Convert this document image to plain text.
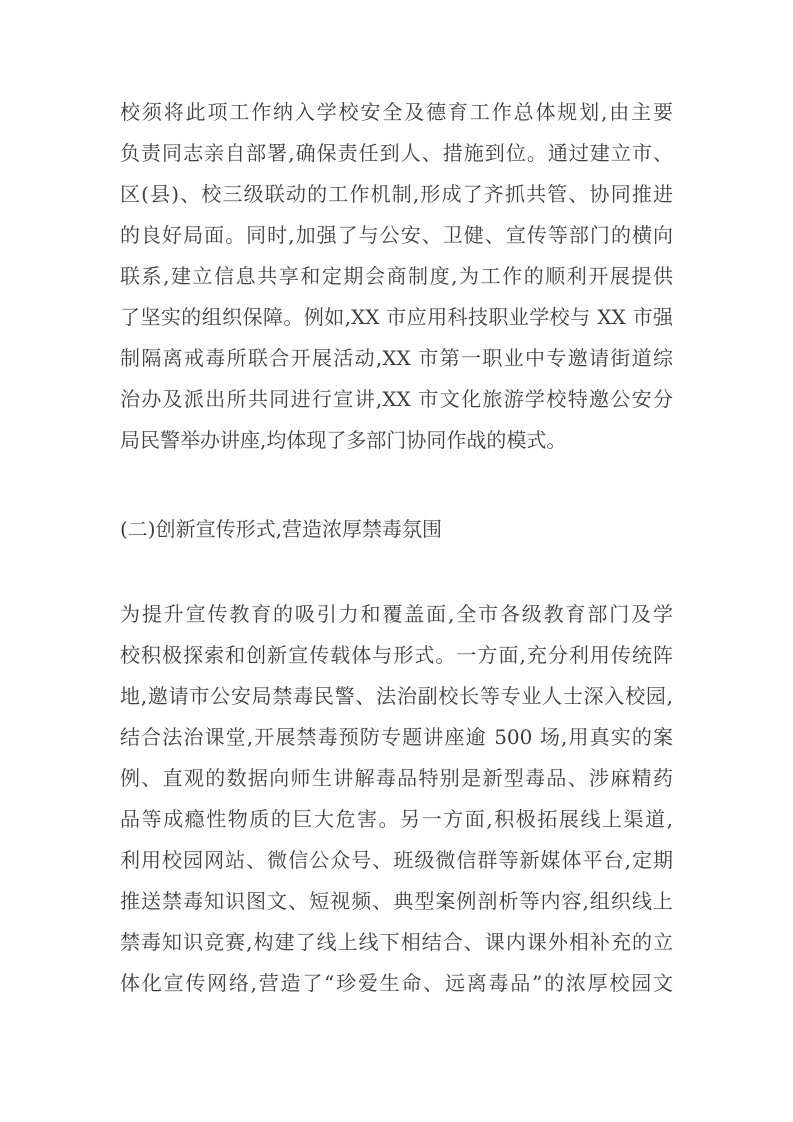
校须将此项工作纳入学校安全及德育工作总体规划,由主要
负责同志亲自部署,确保责任到人、措施到位。通过建立市、
区(县)、校三级联动的工作机制,形成了齐抓共管、协同推进
的良好局面。同时,加强了与公安、卫健、宣传等部门的横向
联系,建立信息共享和定期会商制度,为工作的顺利开展提供
了坚实的组织保障。例如,XX 市应用科技职业学校与 XX 市强
制隔离戒毒所联合开展活动,XX 市第一职业中专邀请街道综
治办及派出所共同进行宣讲,XX 市文化旅游学校特邀公安分
局民警举办讲座,均体现了多部门协同作战的模式。
(二)创新宣传形式,营造浓厚禁毒氛围
为提升宣传教育的吸引力和覆盖面,全市各级教育部门及学
校积极探索和创新宣传载体与形式。一方面,充分利用传统阵
地,邀请市公安局禁毒民警、法治副校长等专业人士深入校园,
结合法治课堂,开展禁毒预防专题讲座逾 500 场,用真实的案
例、直观的数据向师生讲解毒品特别是新型毒品、涉麻精药
品等成瘾性物质的巨大危害。另一方面,积极拓展线上渠道,
利用校园网站、微信公众号、班级微信群等新媒体平台,定期
推送禁毒知识图文、短视频、典型案例剖析等内容,组织线上
禁毒知识竞赛,构建了线上线下相结合、课内课外相补充的立
体化宣传网络,营造了“珍爱生命、远离毒品”的浓厚校园文
